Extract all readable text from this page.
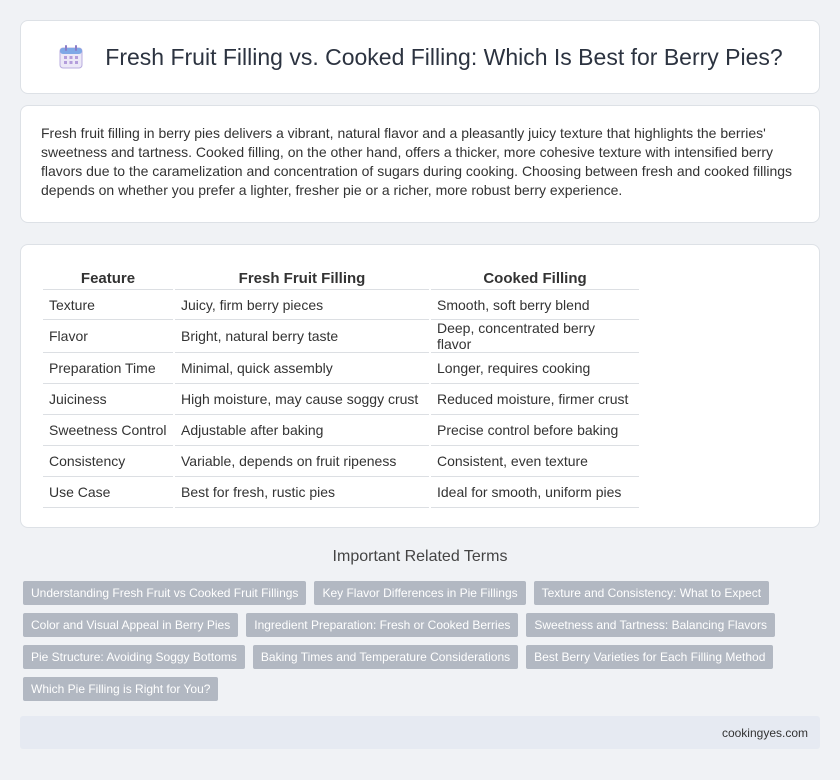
Fresh Fruit Filling vs. Cooked Filling: Which Is Best for Berry Pies?

Fresh fruit filling in berry pies delivers a vibrant, natural flavor and a pleasantly juicy texture that highlights the berries' sweetness and tartness. Cooked filling, on the other hand, offers a thicker, more cohesive texture with intensified berry flavors due to the caramelization and concentration of sugars during cooking. Choosing between fresh and cooked fillings depends on whether you prefer a lighter, fresher pie or a richer, more robust berry experience.

Feature	Fresh Fruit Filling	Cooked Filling
Texture	Juicy, firm berry pieces	Smooth, soft berry blend
Flavor	Bright, natural berry taste	Deep, concentrated berry flavor
Preparation Time	Minimal, quick assembly	Longer, requires cooking
Juiciness	High moisture, may cause soggy crust	Reduced moisture, firmer crust
Sweetness Control	Adjustable after baking	Precise control before baking
Consistency	Variable, depends on fruit ripeness	Consistent, even texture
Use Case	Best for fresh, rustic pies	Ideal for smooth, uniform pies
Important Related Terms
Understanding Fresh Fruit vs Cooked Fruit Fillings	Key Flavor Differences in Pie Fillings	Texture and Consistency: What to Expect
Color and Visual Appeal in Berry Pies	Ingredient Preparation: Fresh or Cooked Berries	Sweetness and Tartness: Balancing Flavors
Pie Structure: Avoiding Soggy Bottoms	Baking Times and Temperature Considerations	Best Berry Varieties for Each Filling Method
Which Pie Filling is Right for You?
cookingyes.com
